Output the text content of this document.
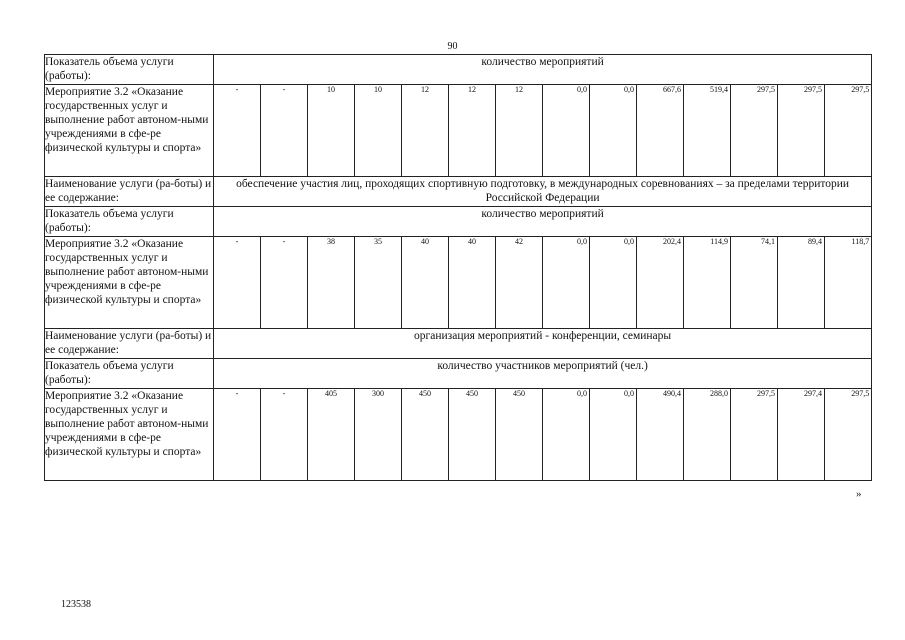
90
Показатель объема услуги (работы):	количество мероприятий													
Мероприятие 3.2 «Оказание государственных услуг и выполнение работ автоном-ными учреждениями в сфе-ре физической культуры и спорта»	-	-	10	10	12	12	12	0,0	0,0	667,6	519,4	297,5	297,5	297,5
Наименование услуги (ра-боты) и ее содержание:	обеспечение участия лиц, проходящих спортивную подготовку, в международных соревнованиях – за пределами территории Российской Федерации													
Показатель объема услуги (работы):	количество мероприятий													
Мероприятие 3.2 «Оказание государственных услуг и выполнение работ автоном-ными учреждениями в сфе-ре физической культуры и спорта»	-	-	38	35	40	40	42	0,0	0,0	202,4	114,9	74,1	89,4	118,7
Наименование услуги (ра-боты) и ее содержание:	организация мероприятий - конференции, семинары													
Показатель объема услуги (работы):	количество участников мероприятий (чел.)													
Мероприятие 3.2 «Оказание государственных услуг и выполнение работ автоном-ными учреждениями в сфе-ре физической культуры и спорта»	-	-	405	300	450	450	450	0,0	0,0	490,4	288,0	297,5	297,4	297,5
»
123538
